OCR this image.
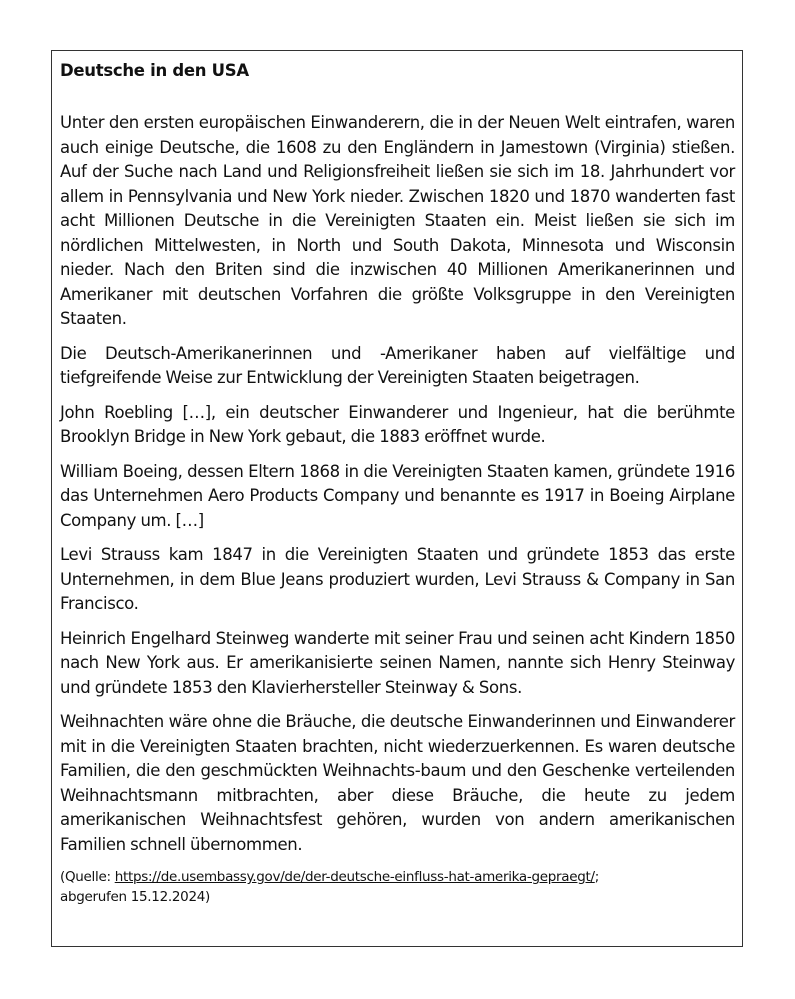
Deutsche in den USA

Unter den ersten europäischen Einwanderern, die in der Neuen Welt eintrafen, waren auch einige Deutsche, die 1608 zu den Engländern in Jamestown (Virginia) stießen. Auf der Suche nach Land und Religionsfreiheit ließen sie sich im 18. Jahrhundert vor allem in Pennsylvania und New York nieder. Zwischen 1820 und 1870 wanderten fast acht Millionen Deutsche in die Vereinigten Staaten ein. Meist ließen sie sich im nördlichen Mittelwesten, in North und South Dakota, Minnesota und Wisconsin nieder. Nach den Briten sind die inzwischen 40 Millionen Amerikanerinnen und Amerikaner mit deutschen Vorfahren die größte Volksgruppe in den Vereinigten Staaten.

Die Deutsch-Amerikanerinnen und -Amerikaner haben auf vielfältige und tiefgreifende Weise zur Entwicklung der Vereinigten Staaten beigetragen.

John Roebling […], ein deutscher Einwanderer und Ingenieur, hat die berühmte Brooklyn Bridge in New York gebaut, die 1883 eröffnet wurde.

William Boeing, dessen Eltern 1868 in die Vereinigten Staaten kamen, gründete 1916 das Unternehmen Aero Products Company und benannte es 1917 in Boeing Airplane Company um. […]

Levi Strauss kam 1847 in die Vereinigten Staaten und gründete 1853 das erste Unternehmen, in dem Blue Jeans produziert wurden, Levi Strauss & Company in San Francisco.

Heinrich Engelhard Steinweg wanderte mit seiner Frau und seinen acht Kindern 1850 nach New York aus. Er amerikanisierte seinen Namen, nannte sich Henry Steinway und gründete 1853 den Klavierhersteller Steinway & Sons.

Weihnachten wäre ohne die Bräuche, die deutsche Einwanderinnen und Einwanderer mit in die Vereinigten Staaten brachten, nicht wiederzuerkennen. Es waren deutsche Familien, die den geschmückten Weihnachts-baum und den Geschenke verteilenden Weihnachtsmann mitbrachten, aber diese Bräuche, die heute zu jedem amerikanischen Weihnachtsfest gehören, wurden von andern amerikanischen Familien schnell übernommen.

(Quelle: https://de.usembassy.gov/de/der-deutsche-einfluss-hat-amerika-gepraegt/;
abgerufen 15.12.2024)
